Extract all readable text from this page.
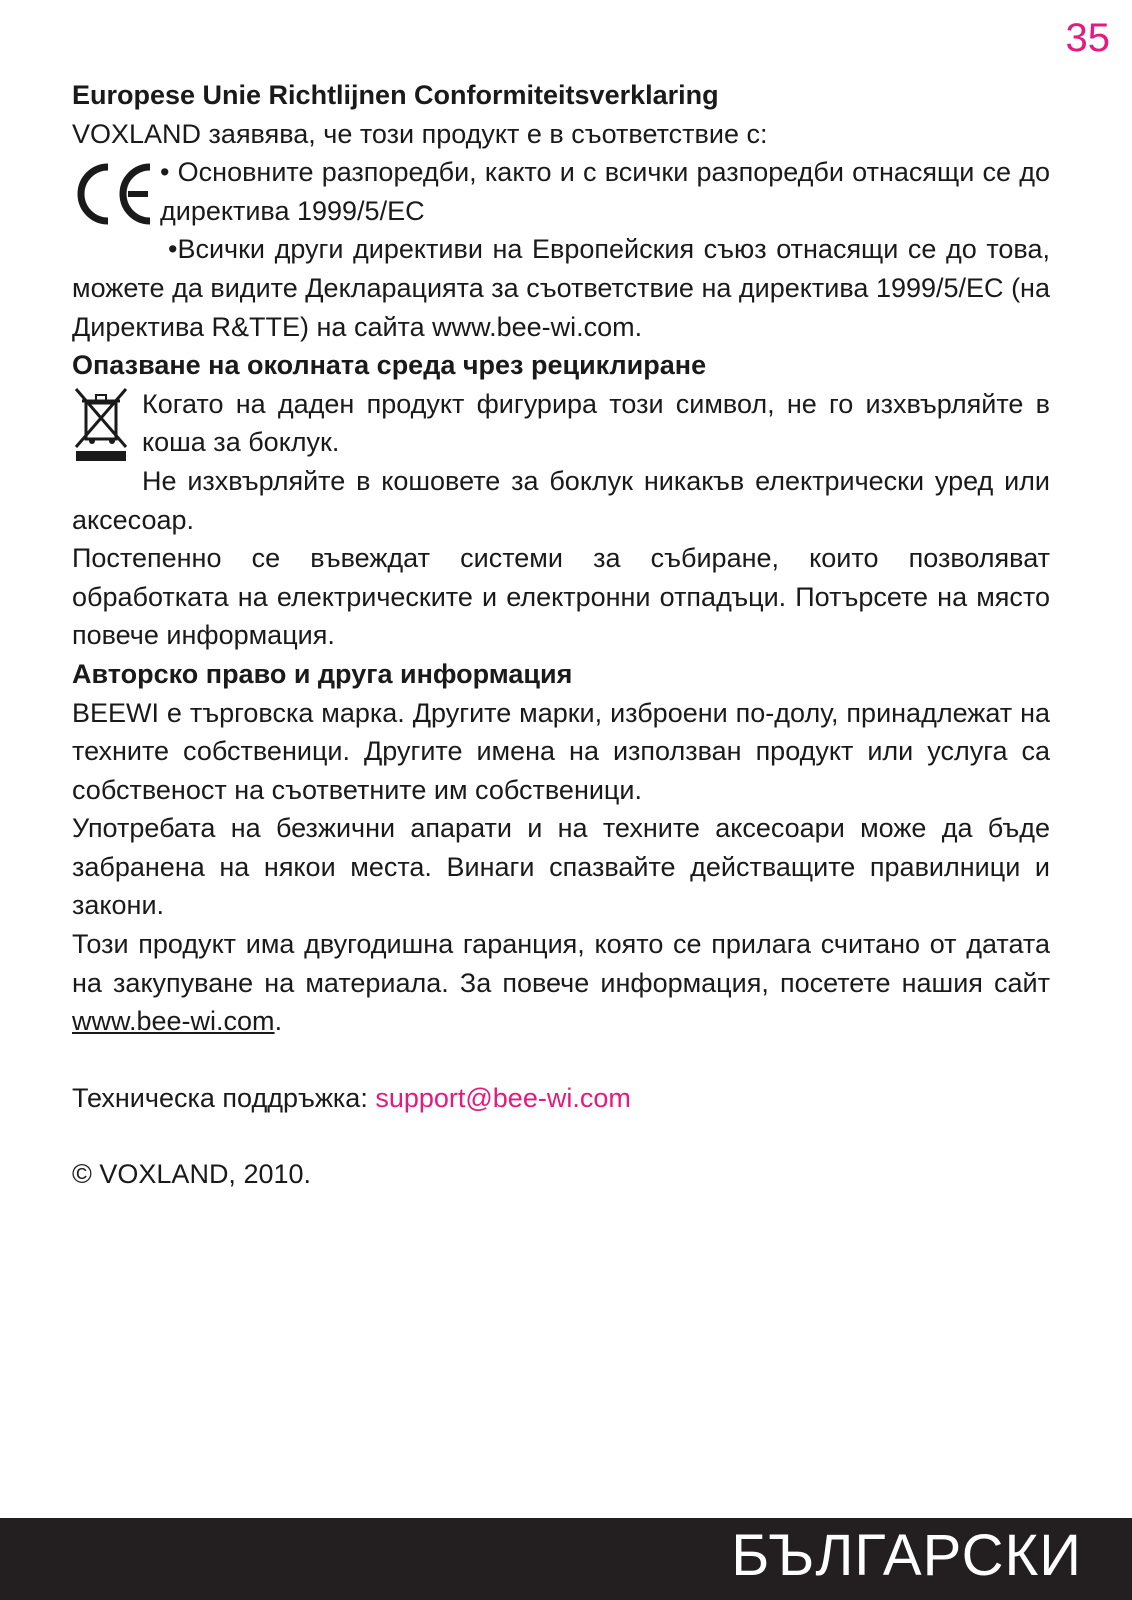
35

Europese Unie Richtlijnen Conformiteitsverklaring

VOXLAND заявява, че този продукт е в съответствие с:

• Основните разпоредби, както и с всички разпоредби отнасящи се до директива 1999/5/ЕС

•Всички други директиви на Европейския съюз отнасящи се до това, можете да видите Декларацията за съответствие на директива 1999/5/ЕС (на Директива R&TTE) на сайта www.bee-wi.com.

Опазване на околната среда чрез рециклиране

Когато на даден продукт фигурира този символ, не го изхвърляйте в коша за боклук.

Не изхвърляйте в кошовете за боклук никакъв електрически уред или аксесоар.

Постепенно се въвеждат системи за събиране, които позволяват обработката на електрическите и електронни отпадъци. Потърсете на място повече информация.

Авторско право и друга информация

BEEWI е търговска марка. Другите марки, изброени по-долу, принадлежат на техните собственици. Другите имена на използван продукт или услуга са собственост на съответните им собственици.

Употребата на безжични апарати и на техните аксесоари може да бъде забранена на някои места. Винаги спазвайте действащите правилници и закони.

Този продукт има двугодишна гаранция, която се прилага считано от датата на закупуване на материала. За повече информация, посетете нашия сайт www.bee-wi.com.

Техническа поддръжка: support@bee-wi.com

© VOXLAND, 2010.

БЪЛГАРСКИ
